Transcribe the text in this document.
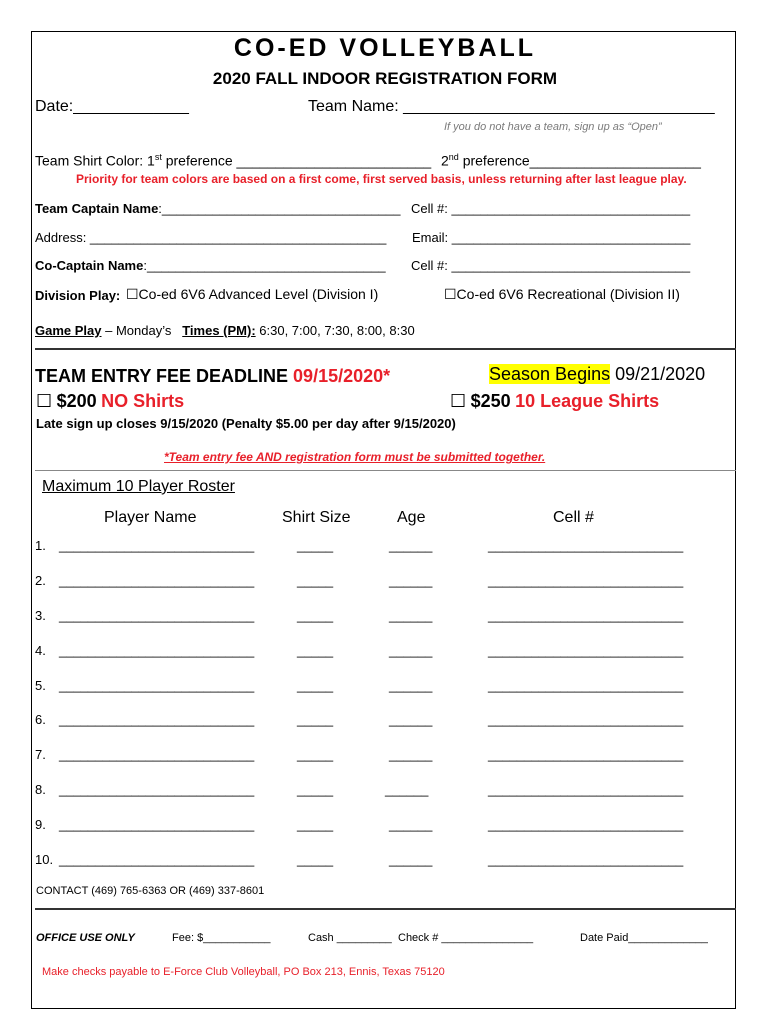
CO-ED VOLLEYBALL
2020 FALL INDOOR REGISTRATION FORM
Date:_____________	Team Name: ___________________________________
If you do not have a team, sign up as “Open”
Team Shirt Color: 1st preference _________________________ 2nd preference______________________
Priority for team colors are based on a first come, first served basis, unless returning after last league play.
Team Captain Name:_________________________________ Cell #: _________________________________
Address: _________________________________________ Email: _________________________________
Co-Captain Name:_________________________________ Cell #: _________________________________
Division Play: ☐Co-ed 6V6 Advanced Level (Division I)	☐Co-ed 6V6 Recreational (Division II)
Game Play – Monday’s Times (PM): 6:30, 7:00, 7:30, 8:00, 8:30
TEAM ENTRY FEE DEADLINE 09/15/2020*	Season Begins 09/21/2020
☐ $200 NO Shirts	☐ $250 10 League Shirts
Late sign up closes 9/15/2020 (Penalty $5.00 per day after 9/15/2020)
*Team entry fee AND registration form must be submitted together.
Maximum 10 Player Roster
Player Name	Shirt Size	Age	Cell #
1. ___________________________	_____	______	___________________________
2. ___________________________	_____	______	___________________________
3. ___________________________	_____	______	___________________________
4. ___________________________	_____	______	___________________________
5. ___________________________	_____	______	___________________________
6. ___________________________	_____	______	___________________________
7. ___________________________	_____	______	___________________________
8. ___________________________	_____	______	___________________________
9. ___________________________	_____	______	___________________________
10. ___________________________	_____	______	___________________________
CONTACT (469) 765-6363 OR (469) 337-8601
OFFICE USE ONLY	Fee: $___________	Cash _________ Check # _______________	Date Paid_____________
Make checks payable to E-Force Club Volleyball, PO Box 213, Ennis, Texas 75120
